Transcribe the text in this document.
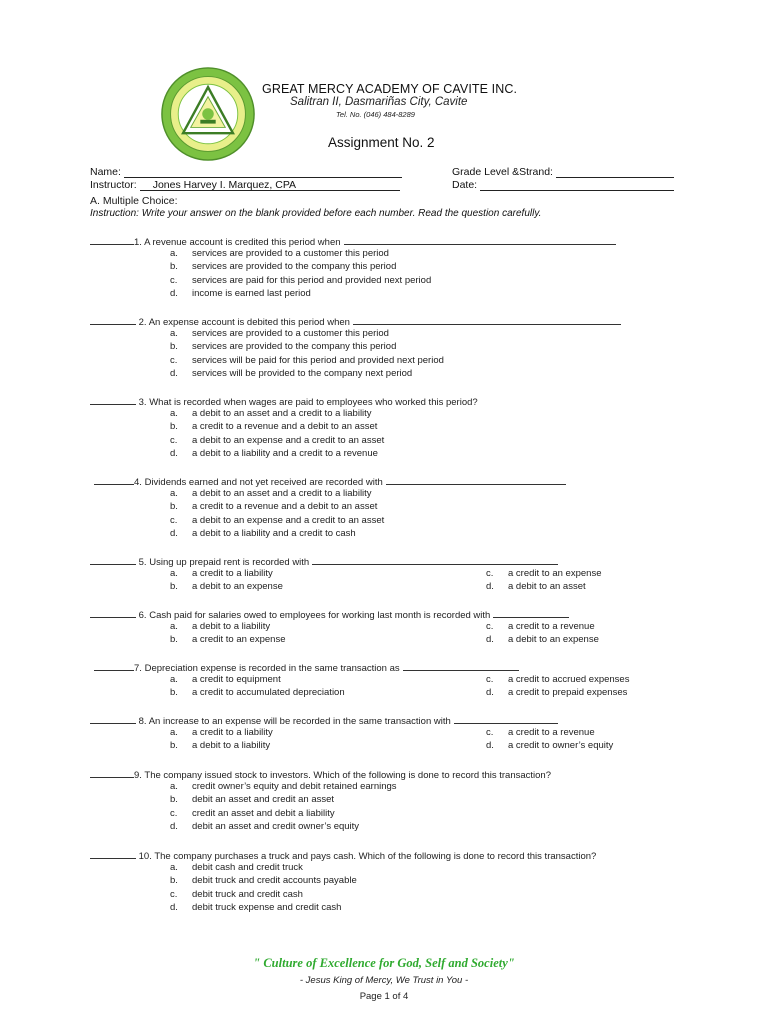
GREAT MERCY ACADEMY OF CAVITE INC.
Salitran II, Dasmariñas City, Cavite
Tel. No. (046) 484-8289
Assignment No. 2
Name:	Grade Level &Strand:
Instructor:	Jones Harvey I. Marquez, CPA	Date:
A. Multiple Choice:
Instruction: Write your answer on the blank provided before each number. Read the question carefully.
1. A revenue account is credited this period when
a. services are provided to a customer this period
b. services are provided to the company this period
c. services are paid for this period and provided next period
d. income is earned last period
2. An expense account is debited this period when
a. services are provided to a customer this period
b. services are provided to the company this period
c. services will be paid for this period and provided next period
d. services will be provided to the company next period
3. What is recorded when wages are paid to employees who worked this period?
a. a debit to an asset and a credit to a liability
b. a credit to a revenue and a debit to an asset
c. a debit to an expense and a credit to an asset
d. a debit to a liability and a credit to a revenue
4. Dividends earned and not yet received are recorded with
a. a debit to an asset and a credit to a liability
b. a credit to a revenue and a debit to an asset
c. a debit to an expense and a credit to an asset
d. a debit to a liability and a credit to cash
5. Using up prepaid rent is recorded with
a. a credit to a liability
b. a debit to an expense
c. a credit to an expense
d. a debit to an asset
6. Cash paid for salaries owed to employees for working last month is recorded with
a. a debit to a liability
b. a credit to an expense
c. a credit to a revenue
d. a debit to an expense
7. Depreciation expense is recorded in the same transaction as
a. a credit to equipment
b. a credit to accumulated depreciation
c. a credit to accrued expenses
d. a credit to prepaid expenses
8. An increase to an expense will be recorded in the same transaction with
a. a credit to a liability
b. a debit to a liability
c. a credit to a revenue
d. a credit to owner’s equity
9. The company issued stock to investors. Which of the following is done to record this transaction?
a. credit owner’s equity and debit retained earnings
b. debit an asset and credit an asset
c. credit an asset and debit a liability
d. debit an asset and credit owner’s equity
10. The company purchases a truck and pays cash. Which of the following is done to record this transaction?
a. debit cash and credit truck
b. debit truck and credit accounts payable
c. debit truck and credit cash
d. debit truck expense and credit cash
" Culture of Excellence for God, Self and Society"
- Jesus King of Mercy, We Trust in You -
Page 1 of 4
